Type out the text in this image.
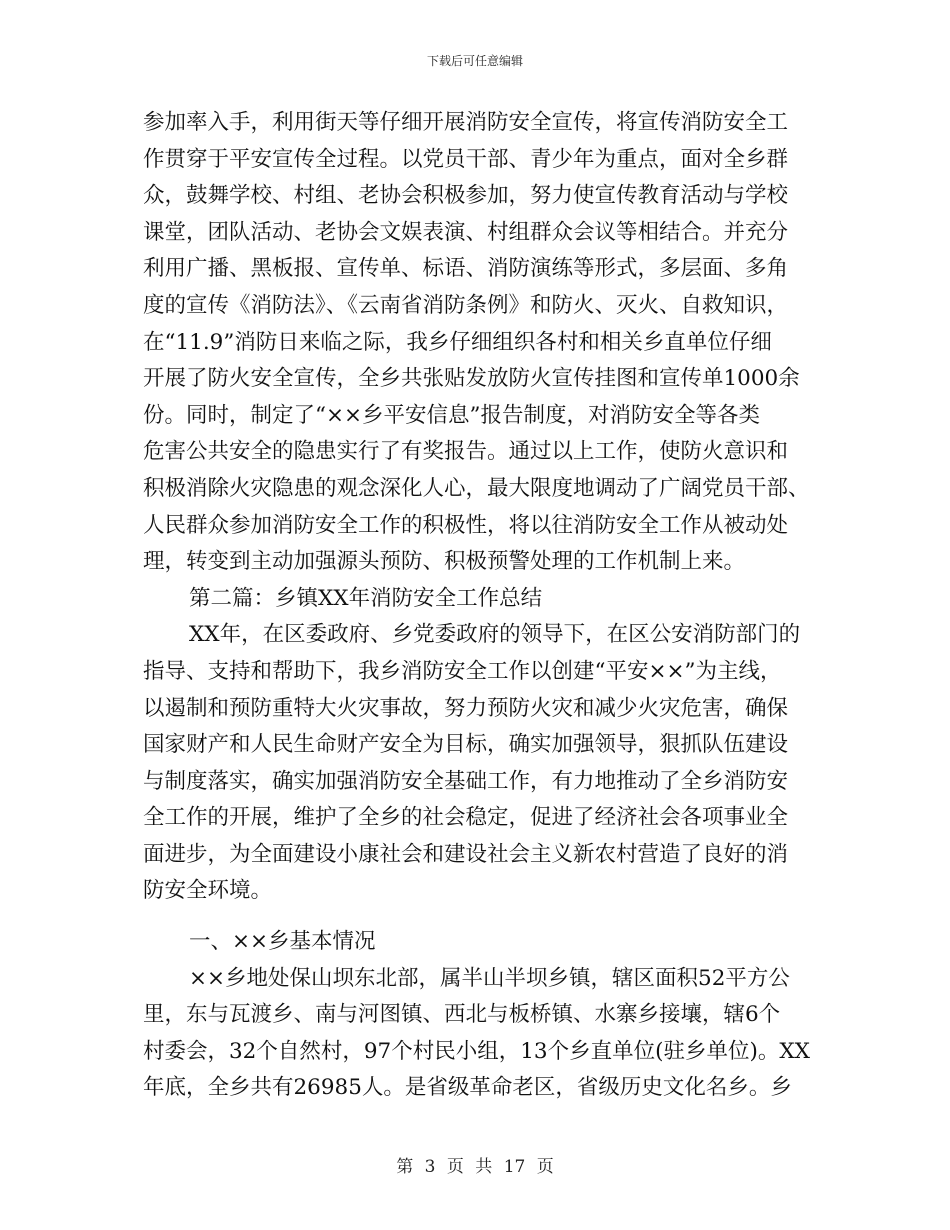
下载后可任意编辑
参加率入手，利用街天等仔细开展消防安全宣传，将宣传消防安全工
作贯穿于平安宣传全过程。以党员干部、青少年为重点，面对全乡群
众，鼓舞学校、村组、老协会积极参加，努力使宣传教育活动与学校
课堂，团队活动、老协会文娱表演、村组群众会议等相结合。并充分
利用广播、黑板报、宣传单、标语、消防演练等形式，多层面、多角
度的宣传《消防法》、《云南省消防条例》和防火、灭火、自救知识，
在“11.9”消防日来临之际，我乡仔细组织各村和相关乡直单位仔细
开展了防火安全宣传，全乡共张贴发放防火宣传挂图和宣传单1000余
份。同时，制定了“××乡平安信息”报告制度，对消防安全等各类
危害公共安全的隐患实行了有奖报告。通过以上工作，使防火意识和
积极消除火灾隐患的观念深化人心，最大限度地调动了广阔党员干部、
人民群众参加消防安全工作的积极性，将以往消防安全工作从被动处
理，转变到主动加强源头预防、积极预警处理的工作机制上来。
第二篇：乡镇XX年消防安全工作总结
XX年，在区委政府、乡党委政府的领导下，在区公安消防部门的
指导、支持和帮助下，我乡消防安全工作以创建“平安××”为主线，
以遏制和预防重特大火灾事故，努力预防火灾和减少火灾危害，确保
国家财产和人民生命财产安全为目标，确实加强领导，狠抓队伍建设
与制度落实，确实加强消防安全基础工作，有力地推动了全乡消防安
全工作的开展，维护了全乡的社会稳定，促进了经济社会各项事业全
面进步，为全面建设小康社会和建设社会主义新农村营造了良好的消
防安全环境。
一、××乡基本情况
××乡地处保山坝东北部，属半山半坝乡镇，辖区面积52平方公
里，东与瓦渡乡、南与河图镇、西北与板桥镇、水寨乡接壤，辖6个
村委会，32个自然村，97个村民小组，13个乡直单位(驻乡单位)。XX
年底，全乡共有26985人。是省级革命老区，省级历史文化名乡。乡
第 3 页 共 17 页
